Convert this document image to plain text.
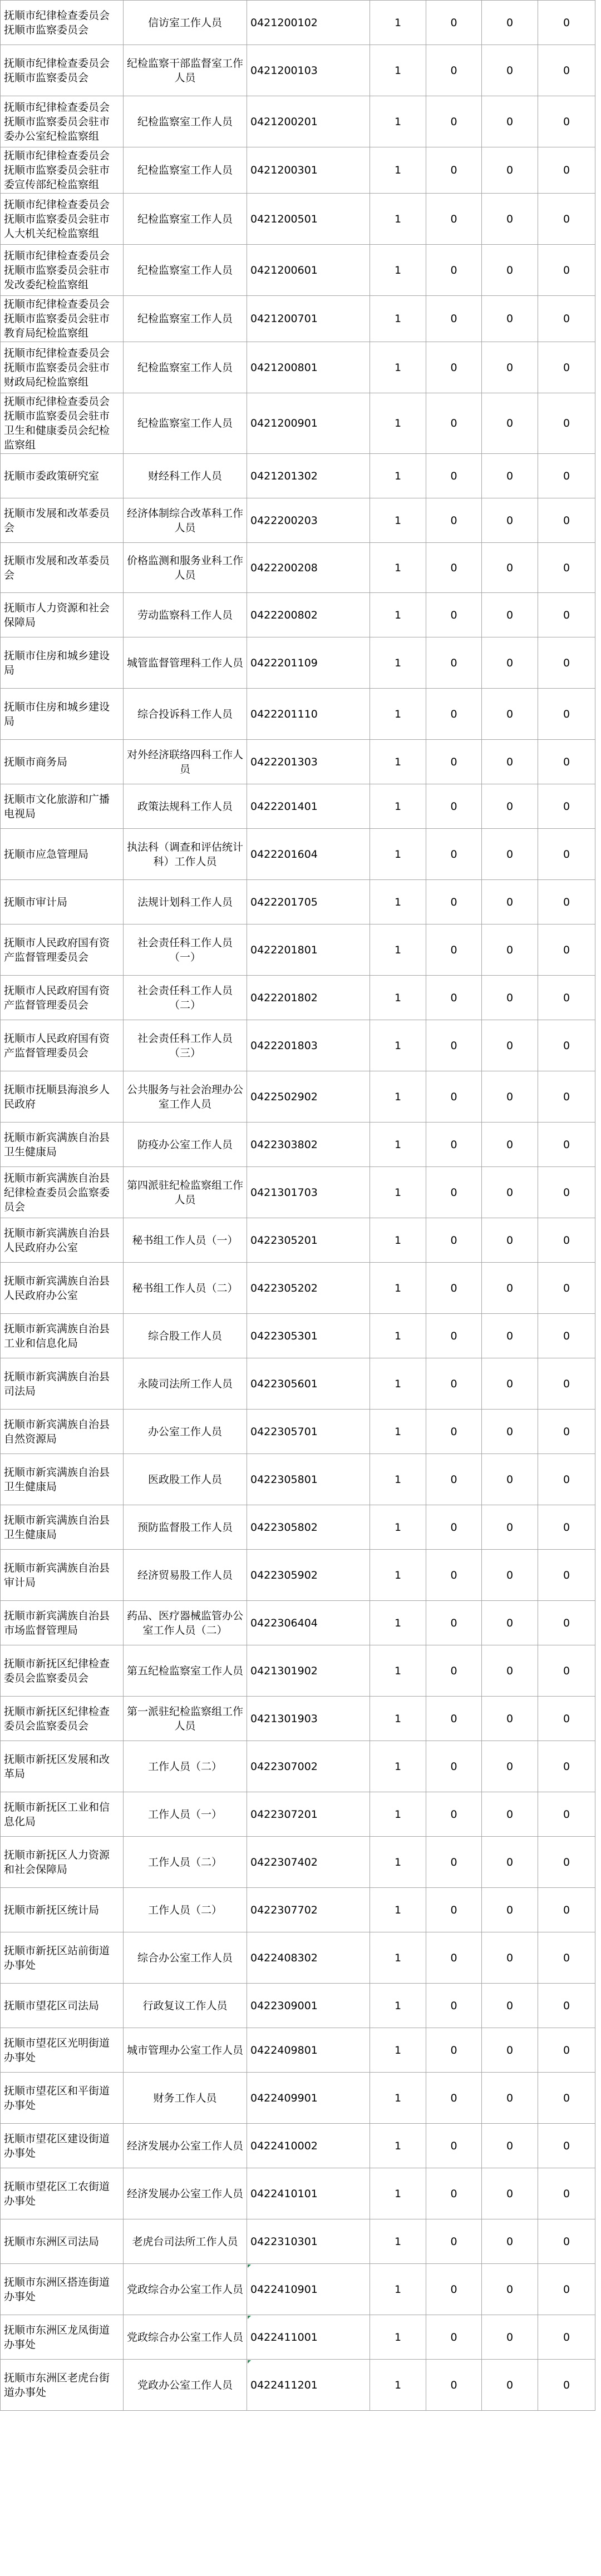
抚顺市纪律检查委员会抚顺市监察委员会	信访室工作人员	0421200102	1	0	0	0
抚顺市纪律检查委员会抚顺市监察委员会	纪检监察干部监督室工作人员	0421200103	1	0	0	0
抚顺市纪律检查委员会抚顺市监察委员会驻市委办公室纪检监察组	纪检监察室工作人员	0421200201	1	0	0	0
抚顺市纪律检查委员会抚顺市监察委员会驻市委宣传部纪检监察组	纪检监察室工作人员	0421200301	1	0	0	0
抚顺市纪律检查委员会抚顺市监察委员会驻市人大机关纪检监察组	纪检监察室工作人员	0421200501	1	0	0	0
抚顺市纪律检查委员会抚顺市监察委员会驻市发改委纪检监察组	纪检监察室工作人员	0421200601	1	0	0	0
抚顺市纪律检查委员会抚顺市监察委员会驻市教育局纪检监察组	纪检监察室工作人员	0421200701	1	0	0	0
抚顺市纪律检查委员会抚顺市监察委员会驻市财政局纪检监察组	纪检监察室工作人员	0421200801	1	0	0	0
抚顺市纪律检查委员会抚顺市监察委员会驻市卫生和健康委员会纪检监察组	纪检监察室工作人员	0421200901	1	0	0	0
抚顺市委政策研究室	财经科工作人员	0421201302	1	0	0	0
抚顺市发展和改革委员会	经济体制综合改革科工作人员	0422200203	1	0	0	0
抚顺市发展和改革委员会	价格监测和服务业科工作人员	0422200208	1	0	0	0
抚顺市人力资源和社会保障局	劳动监察科工作人员	0422200802	1	0	0	0
抚顺市住房和城乡建设局	城管监督管理科工作人员	0422201109	1	0	0	0
抚顺市住房和城乡建设局	综合投诉科工作人员	0422201110	1	0	0	0
抚顺市商务局	对外经济联络四科工作人员	0422201303	1	0	0	0
抚顺市文化旅游和广播电视局	政策法规科工作人员	0422201401	1	0	0	0
抚顺市应急管理局	执法科（调查和评估统计科）工作人员	0422201604	1	0	0	0
抚顺市审计局	法规计划科工作人员	0422201705	1	0	0	0
抚顺市人民政府国有资产监督管理委员会	社会责任科工作人员（一）	0422201801	1	0	0	0
抚顺市人民政府国有资产监督管理委员会	社会责任科工作人员（二）	0422201802	1	0	0	0
抚顺市人民政府国有资产监督管理委员会	社会责任科工作人员（三）	0422201803	1	0	0	0
抚顺市抚顺县海浪乡人民政府	公共服务与社会治理办公室工作人员	0422502902	1	0	0	0
抚顺市新宾满族自治县卫生健康局	防疫办公室工作人员	0422303802	1	0	0	0
抚顺市新宾满族自治县纪律检查委员会监察委员会	第四派驻纪检监察组工作人员	0421301703	1	0	0	0
抚顺市新宾满族自治县人民政府办公室	秘书组工作人员（一）	0422305201	1	0	0	0
抚顺市新宾满族自治县人民政府办公室	秘书组工作人员（二）	0422305202	1	0	0	0
抚顺市新宾满族自治县工业和信息化局	综合股工作人员	0422305301	1	0	0	0
抚顺市新宾满族自治县司法局	永陵司法所工作人员	0422305601	1	0	0	0
抚顺市新宾满族自治县自然资源局	办公室工作人员	0422305701	1	0	0	0
抚顺市新宾满族自治县卫生健康局	医政股工作人员	0422305801	1	0	0	0
抚顺市新宾满族自治县卫生健康局	预防监督股工作人员	0422305802	1	0	0	0
抚顺市新宾满族自治县审计局	经济贸易股工作人员	0422305902	1	0	0	0
抚顺市新宾满族自治县市场监督管理局	药品、医疗器械监管办公室工作人员（二）	0422306404	1	0	0	0
抚顺市新抚区纪律检查委员会监察委员会	第五纪检监察室工作人员	0421301902	1	0	0	0
抚顺市新抚区纪律检查委员会监察委员会	第一派驻纪检监察组工作人员	0421301903	1	0	0	0
抚顺市新抚区发展和改革局	工作人员（二）	0422307002	1	0	0	0
抚顺市新抚区工业和信息化局	工作人员（一）	0422307201	1	0	0	0
抚顺市新抚区人力资源和社会保障局	工作人员（二）	0422307402	1	0	0	0
抚顺市新抚区统计局	工作人员（二）	0422307702	1	0	0	0
抚顺市新抚区站前街道办事处	综合办公室工作人员	0422408302	1	0	0	0
抚顺市望花区司法局	行政复议工作人员	0422309001	1	0	0	0
抚顺市望花区光明街道办事处	城市管理办公室工作人员	0422409801	1	0	0	0
抚顺市望花区和平街道办事处	财务工作人员	0422409901	1	0	0	0
抚顺市望花区建设街道办事处	经济发展办公室工作人员	0422410002	1	0	0	0
抚顺市望花区工农街道办事处	经济发展办公室工作人员	0422410101	1	0	0	0
抚顺市东洲区司法局	老虎台司法所工作人员	0422310301	1	0	0	0
抚顺市东洲区搭连街道办事处	党政综合办公室工作人员	0422410901	1	0	0	0
抚顺市东洲区龙凤街道办事处	党政综合办公室工作人员	0422411001	1	0	0	0
抚顺市东洲区老虎台街道办事处	党政办公室工作人员	0422411201	1	0	0	0
